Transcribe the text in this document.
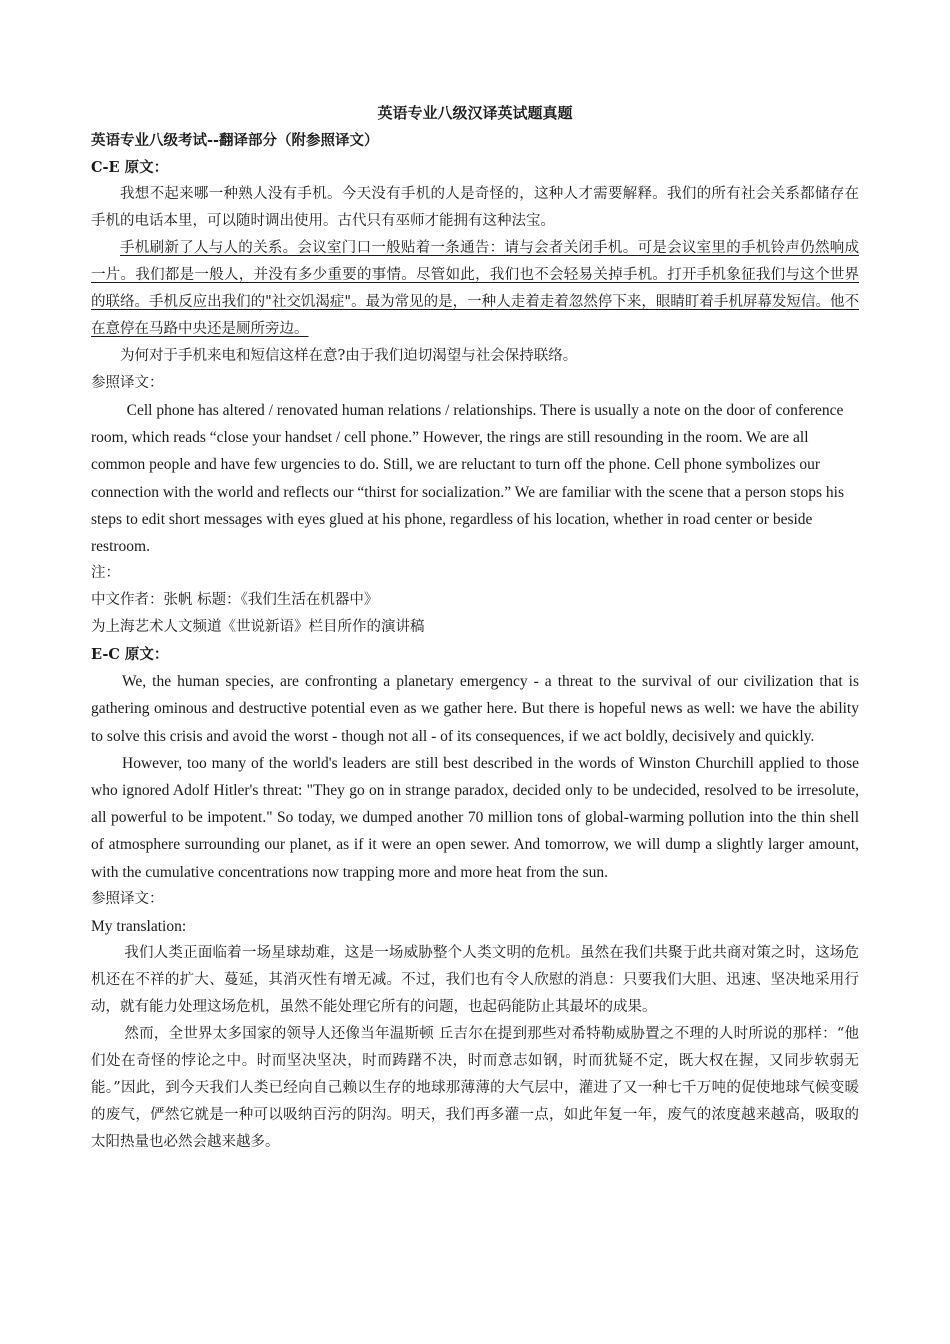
英语专业八级汉译英试题真题

英语专业八级考试--翻译部分（附参照译文）

C-E 原文：

我想不起来哪一种熟人没有手机。今天没有手机的人是奇怪的，这种人才需要解释。我们的所有社会关系都储存在手机的电话本里，可以随时调出使用。古代只有巫师才能拥有这种法宝。

手机刷新了人与人的关系。会议室门口一般贴着一条通告：请与会者关闭手机。可是会议室里的手机铃声仍然响成一片。我们都是一般人，并没有多少重要的事情。尽管如此，我们也不会轻易关掉手机。打开手机象征我们与这个世界的联络。手机反应出我们的"社交饥渴症"。最为常见的是，一种人走着走着忽然停下来，眼睛盯着手机屏幕发短信。他不在意停在马路中央还是厕所旁边。

为何对于手机来电和短信这样在意?由于我们迫切渴望与社会保持联络。

参照译文：

Cell phone has altered / renovated human relations / relationships. There is usually a note on the door of conference room, which reads “close your handset / cell phone.” However, the rings are still resounding in the room. We are all common people and have few urgencies to do. Still, we are reluctant to turn off the phone. Cell phone symbolizes our connection with the world and reflects our “thirst for socialization.” We are familiar with the scene that a person stops his steps to edit short messages with eyes glued at his phone, regardless of his location, whether in road center or beside restroom.

注：

中文作者：张帆 标题：《我们生活在机器中》

为上海艺术人文频道《世说新语》栏目所作的演讲稿

E-C 原文：

We, the human species, are confronting a planetary emergency - a threat to the survival of our civilization that is gathering ominous and destructive potential even as we gather here. But there is hopeful news as well: we have the ability to solve this crisis and avoid the worst - though not all - of its consequences, if we act boldly, decisively and quickly.

However, too many of the world's leaders are still best described in the words of Winston Churchill applied to those who ignored Adolf Hitler's threat: "They go on in strange paradox, decided only to be undecided, resolved to be irresolute, all powerful to be impotent." So today, we dumped another 70 million tons of global-warming pollution into the thin shell of atmosphere surrounding our planet, as if it were an open sewer. And tomorrow, we will dump a slightly larger amount, with the cumulative concentrations now trapping more and more heat from the sun.

参照译文：

My translation:

我们人类正面临着一场星球劫难，这是一场威胁整个人类文明的危机。虽然在我们共聚于此共商对策之时，这场危机还在不祥的扩大、蔓延，其消灭性有增无减。不过，我们也有令人欣慰的消息：只要我们大胆、迅速、坚决地采用行动，就有能力处理这场危机，虽然不能处理它所有的问题，也起码能防止其最坏的成果。

然而，全世界太多国家的领导人还像当年温斯顿 丘吉尔在提到那些对希特勒威胁置之不理的人时所说的那样：“他们处在奇怪的悖论之中。时而坚决坚决，时而踌躇不决，时而意志如钢，时而犹疑不定，既大权在握，又同步软弱无能。”因此，到今天我们人类已经向自己赖以生存的地球那薄薄的大气层中，灌进了又一种七千万吨的促使地球气候变暖的废气，俨然它就是一种可以吸纳百污的阴沟。明天，我们再多灌一点，如此年复一年，废气的浓度越来越高，吸取的太阳热量也必然会越来越多。
